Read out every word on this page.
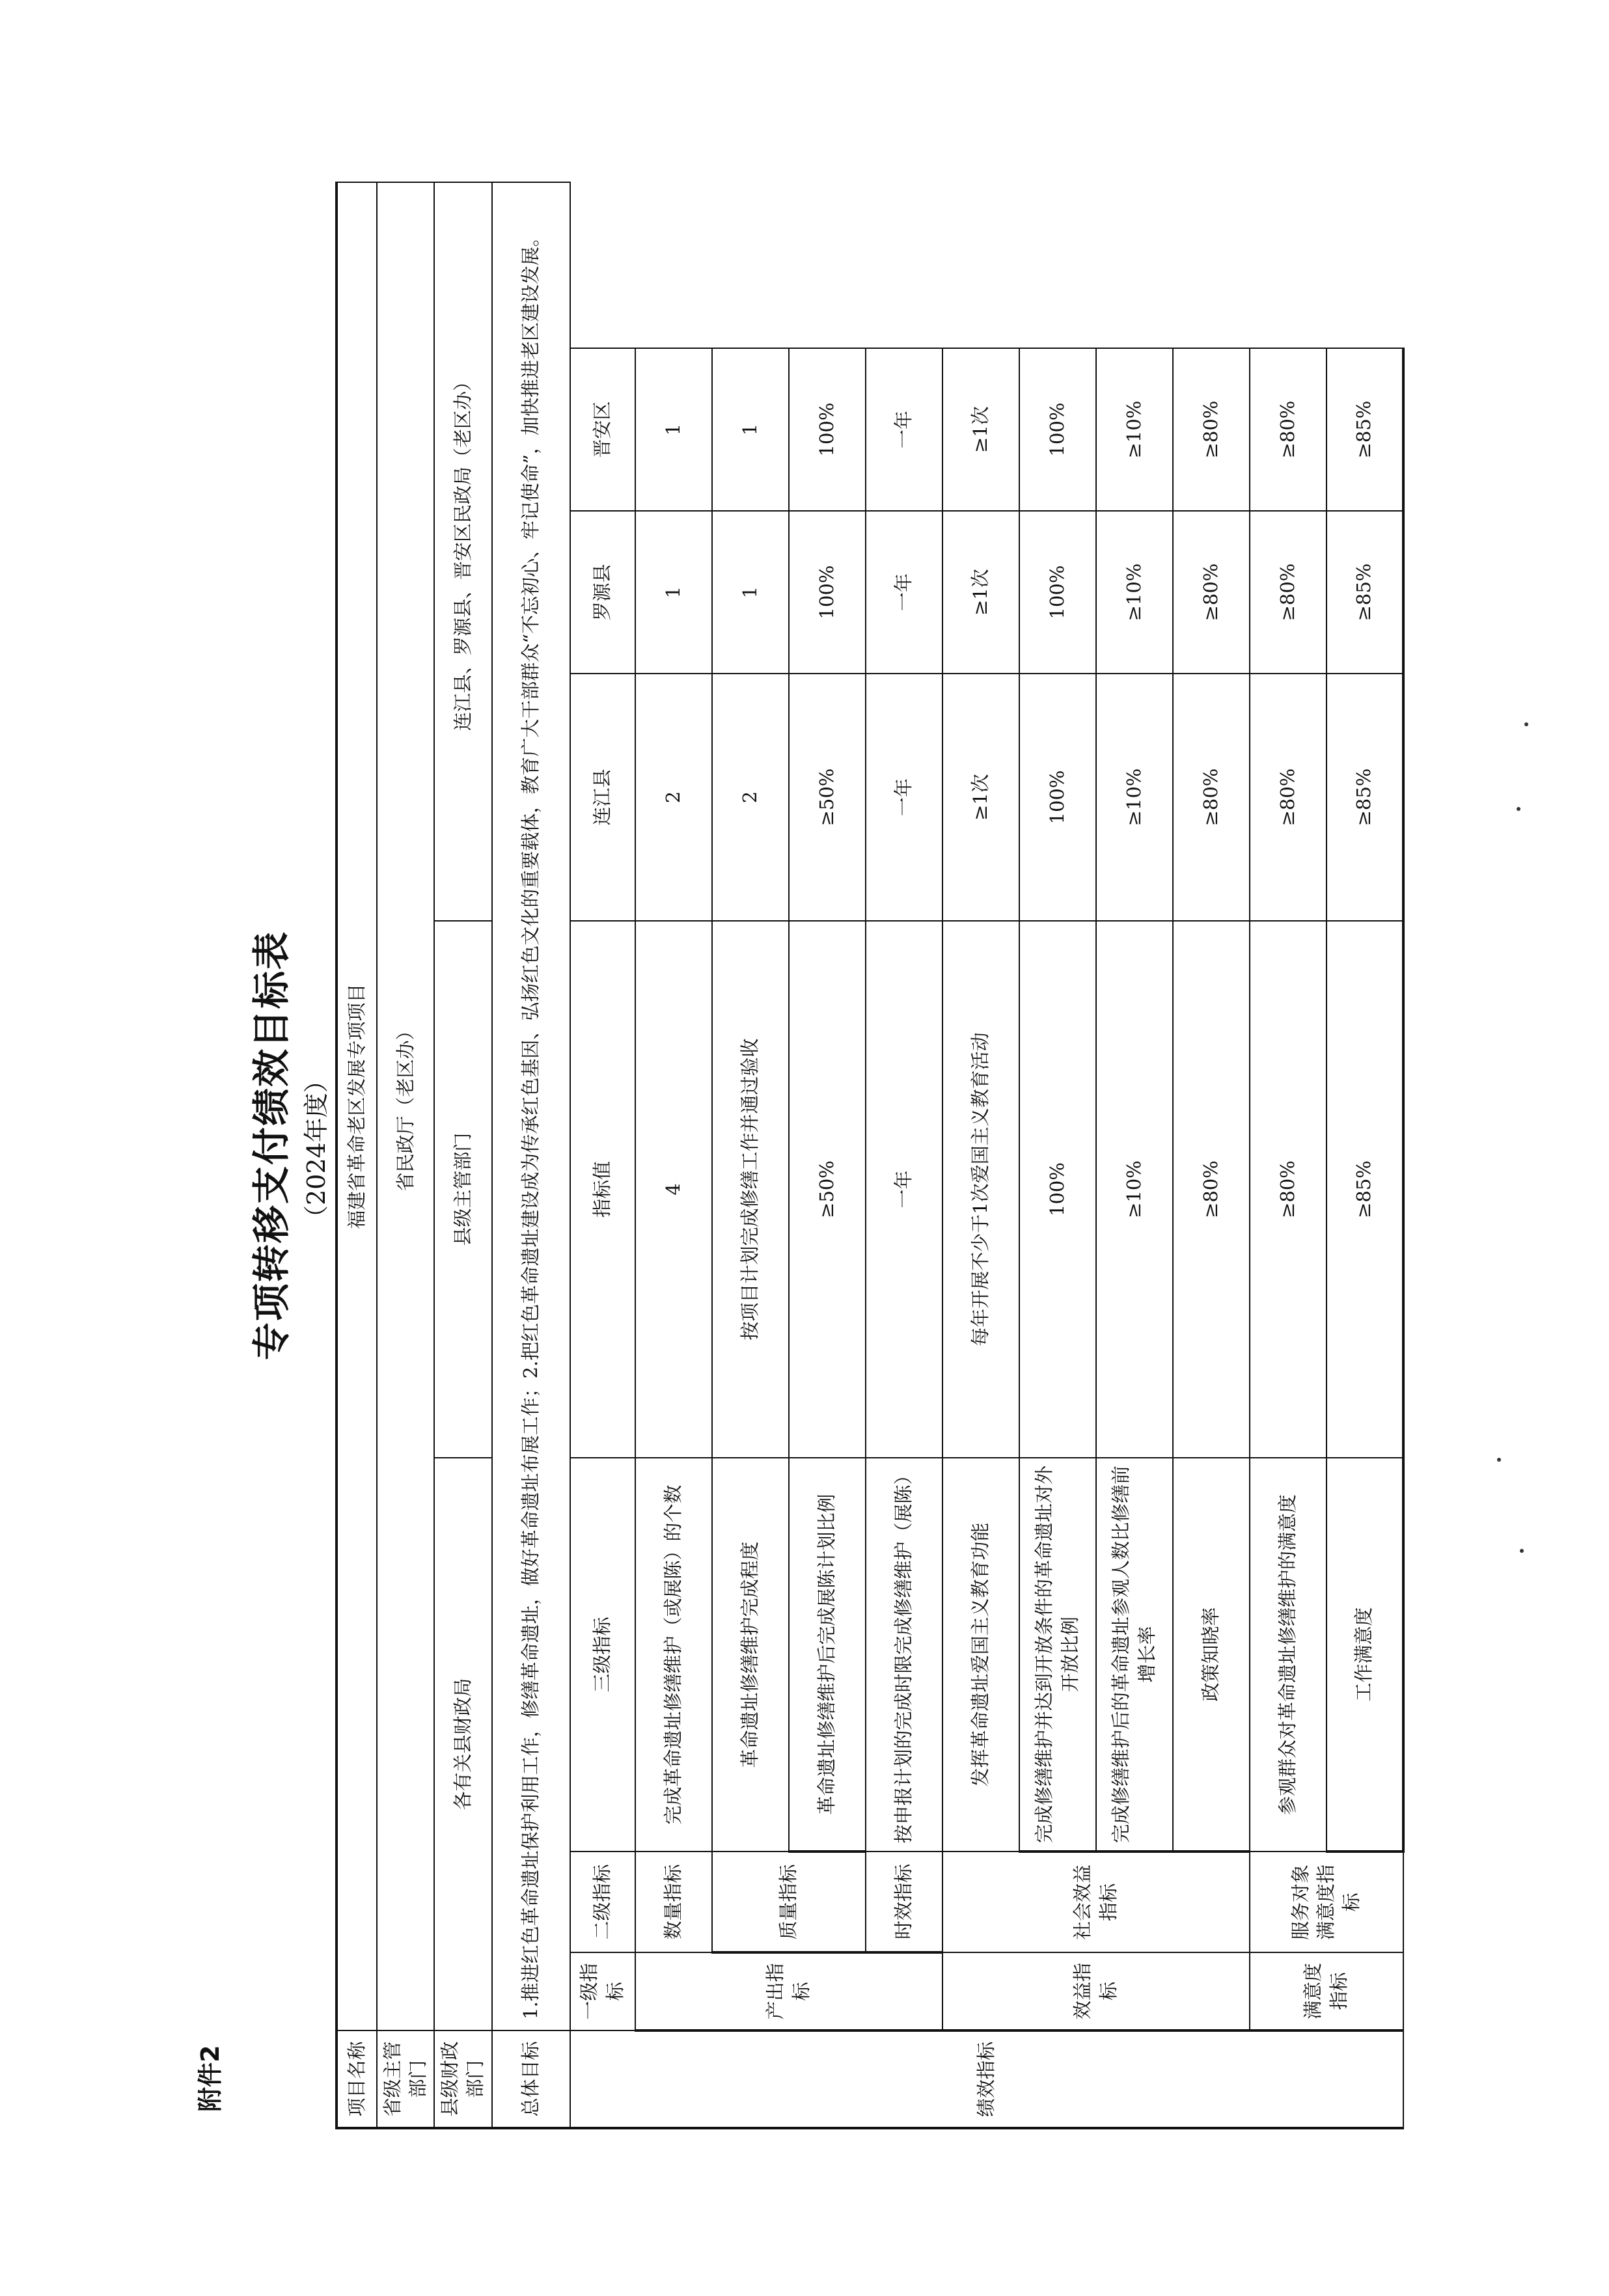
附件2
专项转移支付绩效目标表 （2024年度）
项目名称	福建省革命老区发展专项项目						
省级主管部门	省民政厅（老区办）						
县级财政部门	各有关县财政局			县级主管部门	连江县、罗源县、晋安区民政局（老区办）		
总体目标	1.推进红色革命遗址保护利用工作，修缮革命遗址，做好革命遗址布展工作；2.把红色革命遗址建设成为传承红色基因、弘扬红色文化的重要载体，教育广大干部群众“不忘初心、牢记使命”，加快推进老区建设发展。						
绩效指标	一级指标	二级指标	三级指标	指标值	连江县	罗源县	晋安区
	产出指标	数量指标	完成革命遗址修缮维护（或展陈）的个数	4	2	1	1
		质量指标	革命遗址修缮维护完成程度	按项目计划完成修缮工作并通过验收	2	1	1
			革命遗址修缮维护后完成展陈计划比例	≥50%	≥50%	100%	100%
		时效指标	按申报计划的完成时限完成修缮维护（展陈）	一年	一年	一年	一年
	效益指标	社会效益指标	发挥革命遗址爱国主义教育功能	每年开展不少于1次爱国主义教育活动	≥1次	≥1次	≥1次
			完成修缮维护并达到开放条件的革命遗址对外开放比例	100%	100%	100%	100%
			完成修缮维护后的革命遗址参观人数比修缮前增长率	≥10%	≥10%	≥10%	≥10%
			政策知晓率	≥80%	≥80%	≥80%	≥80%
	满意度指标	服务对象满意度指标	参观群众对革命遗址修缮维护的满意度	≥80%	≥80%	≥80%	≥80%
			工作满意度	≥85%	≥85%	≥85%	≥85%
